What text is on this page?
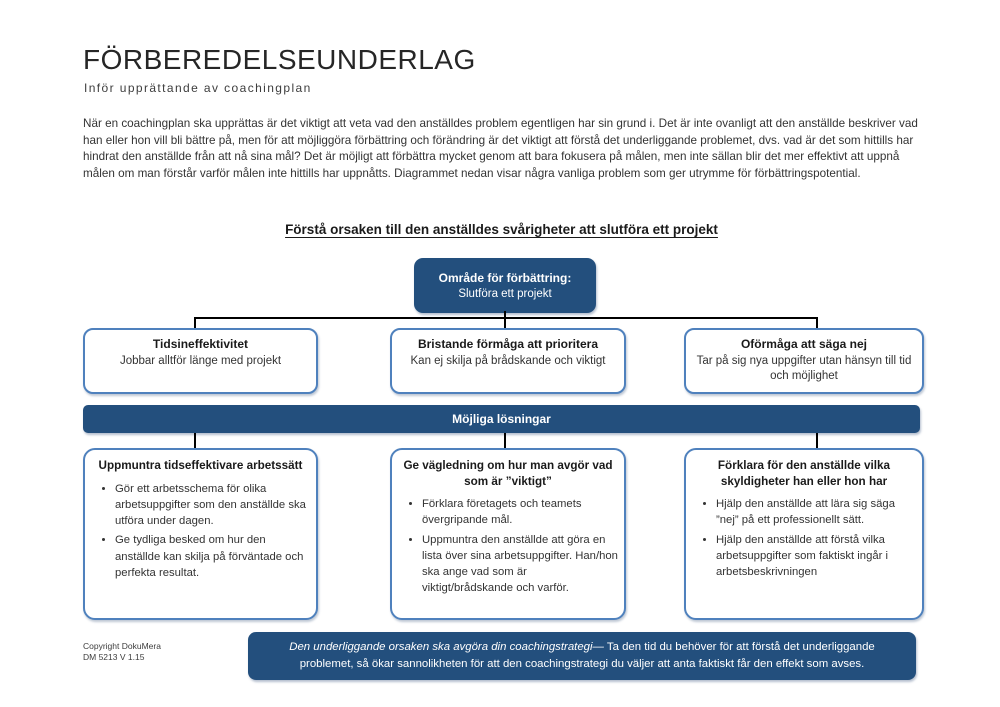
FÖRBEREDELSEUNDERLAG
Inför upprättande av coachingplan

När en coachingplan ska upprättas är det viktigt att veta vad den anställdes problem egentligen har sin grund i. Det är inte ovanligt att den anställde beskriver vad han eller hon vill bli bättre på, men för att möjliggöra förbättring och förändring är det viktigt att förstå det underliggande problemet, dvs. vad är det som hittills har hindrat den anställde från att nå sina mål? Det är möjligt att förbättra mycket genom att bara fokusera på målen, men inte sällan blir det mer effektivt att uppnå målen om man förstår varför målen inte hittills har uppnåtts. Diagrammet nedan visar några vanliga problem som ger utrymme för förbättringspotential.

Förstå orsaken till den anställdes svårigheter att slutföra ett projekt
Område för förbättring:
Slutföra ett projekt
Tidsineffektivitet
Jobbar alltför länge med projekt
Bristande förmåga att prioritera
Kan ej skilja på brådskande och viktigt
Oförmåga att säga nej
Tar på sig nya uppgifter utan hänsyn till tid och möjlighet
Möjliga lösningar
Uppmuntra tidseffektivare arbetssätt
• Gör ett arbetsschema för olika arbetsuppgifter som den anställde ska utföra under dagen.
• Ge tydliga besked om hur den anställde kan skilja på förväntade och perfekta resultat.
Ge vägledning om hur man avgör vad som är ”viktigt”
• Förklara företagets och teamets övergripande mål.
• Uppmuntra den anställde att göra en lista över sina arbetsuppgifter. Han/hon ska ange vad som är viktigt/brådskande och varför.
Förklara för den anställde vilka skyldigheter han eller hon har
• Hjälp den anställde att lära sig säga ”nej” på ett professionellt sätt.
• Hjälp den anställde att förstå vilka arbetsuppgifter som faktiskt ingår i arbetsbeskrivningen
Copyright DokuMera
DM 5213 V 1.15
Den underliggande orsaken ska avgöra din coachingstrategi— Ta den tid du behöver för att förstå det underliggande problemet, så ökar sannolikheten för att den coachingstrategi du väljer att anta faktiskt får den effekt som avses.
